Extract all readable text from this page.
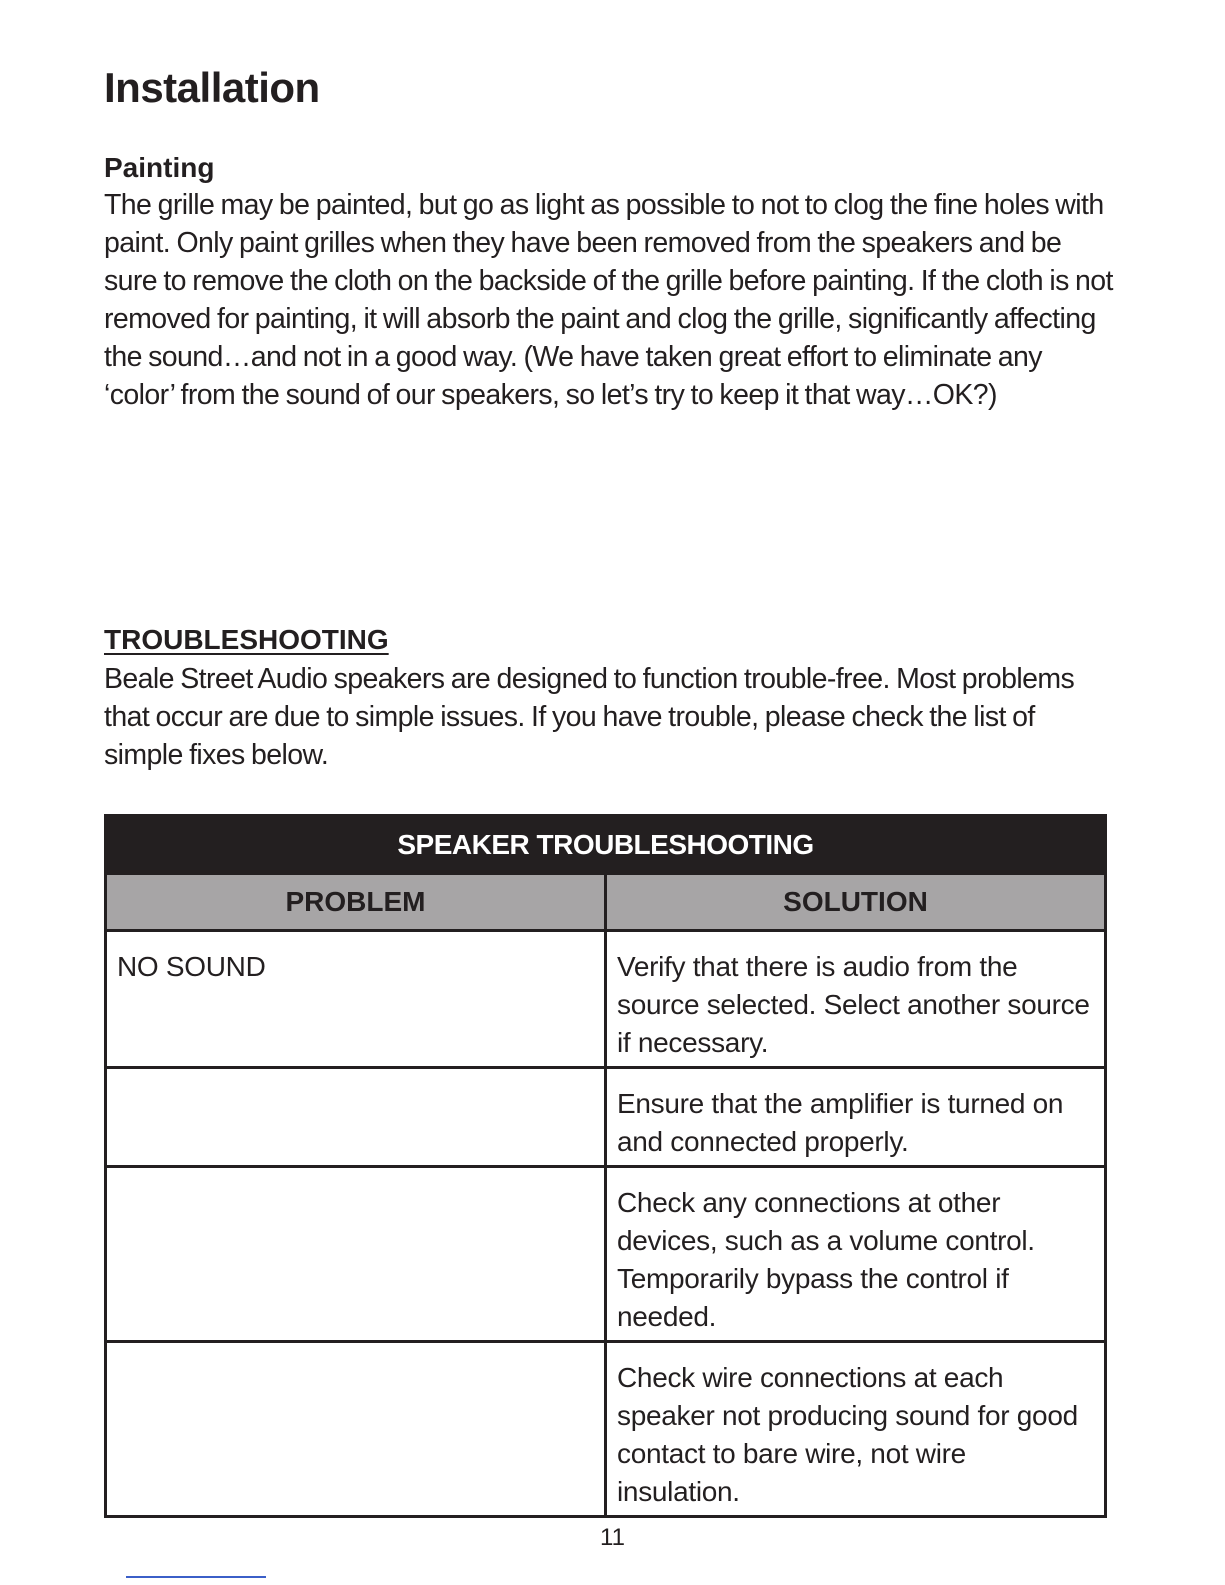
Installation
Painting

The grille may be painted, but go as light as possible to not to clog the fine holes with paint. Only paint grilles when they have been removed from the speakers and be sure to remove the cloth on the backside of the grille before painting. If the cloth is not removed for painting, it will absorb the paint and clog the grille, significantly affecting the sound…and not in a good way. (We have taken great effort to eliminate any ‘color’ from the sound of our speakers, so let’s try to keep it that way…OK?)

TROUBLESHOOTING

Beale Street Audio speakers are designed to function trouble-free. Most problems that occur are due to simple issues. If you have trouble, please check the list of simple fixes below.

SPEAKER TROUBLESHOOTING	
PROBLEM	SOLUTION
NO SOUND	Verify that there is audio from the source selected. Select another source if necessary.
	Ensure that the amplifier is turned on and connected properly.
	Check any connections at other devices, such as a volume control. Temporarily bypass the control if needed.
	Check wire connections at each speaker not producing sound for good contact to bare wire, not wire insulation.
11
